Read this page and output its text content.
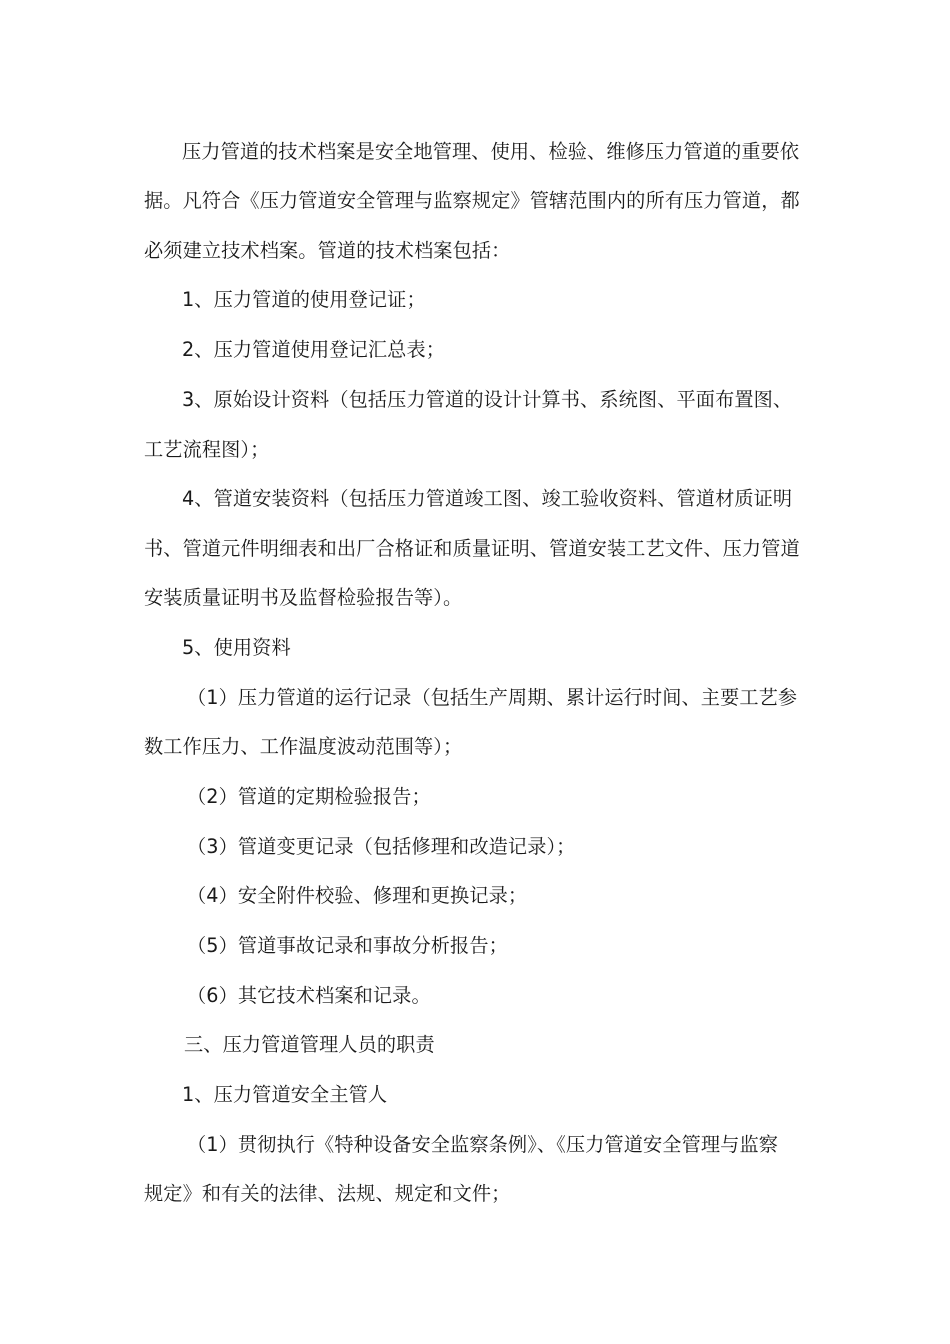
压力管道的技术档案是安全地管理、使用、检验、维修压力管道的重要依
据。凡符合《压力管道安全管理与监察规定》管辖范围内的所有压力管道，都
必须建立技术档案。管道的技术档案包括：
1、压力管道的使用登记证；
2、压力管道使用登记汇总表；
3、原始设计资料（包括压力管道的设计计算书、系统图、平面布置图、
工艺流程图）；
4、管道安装资料（包括压力管道竣工图、竣工验收资料、管道材质证明
书、管道元件明细表和出厂合格证和质量证明、管道安装工艺文件、压力管道
安装质量证明书及监督检验报告等）。
5、使用资料
（1）压力管道的运行记录（包括生产周期、累计运行时间、主要工艺参
数工作压力、工作温度波动范围等）；
（2）管道的定期检验报告；
（3）管道变更记录（包括修理和改造记录）；
（4）安全附件校验、修理和更换记录；
（5）管道事故记录和事故分析报告；
（6）其它技术档案和记录。
三、压力管道管理人员的职责
1、压力管道安全主管人
（1）贯彻执行《特种设备安全监察条例》、《压力管道安全管理与监察
规定》和有关的法律、法规、规定和文件；
